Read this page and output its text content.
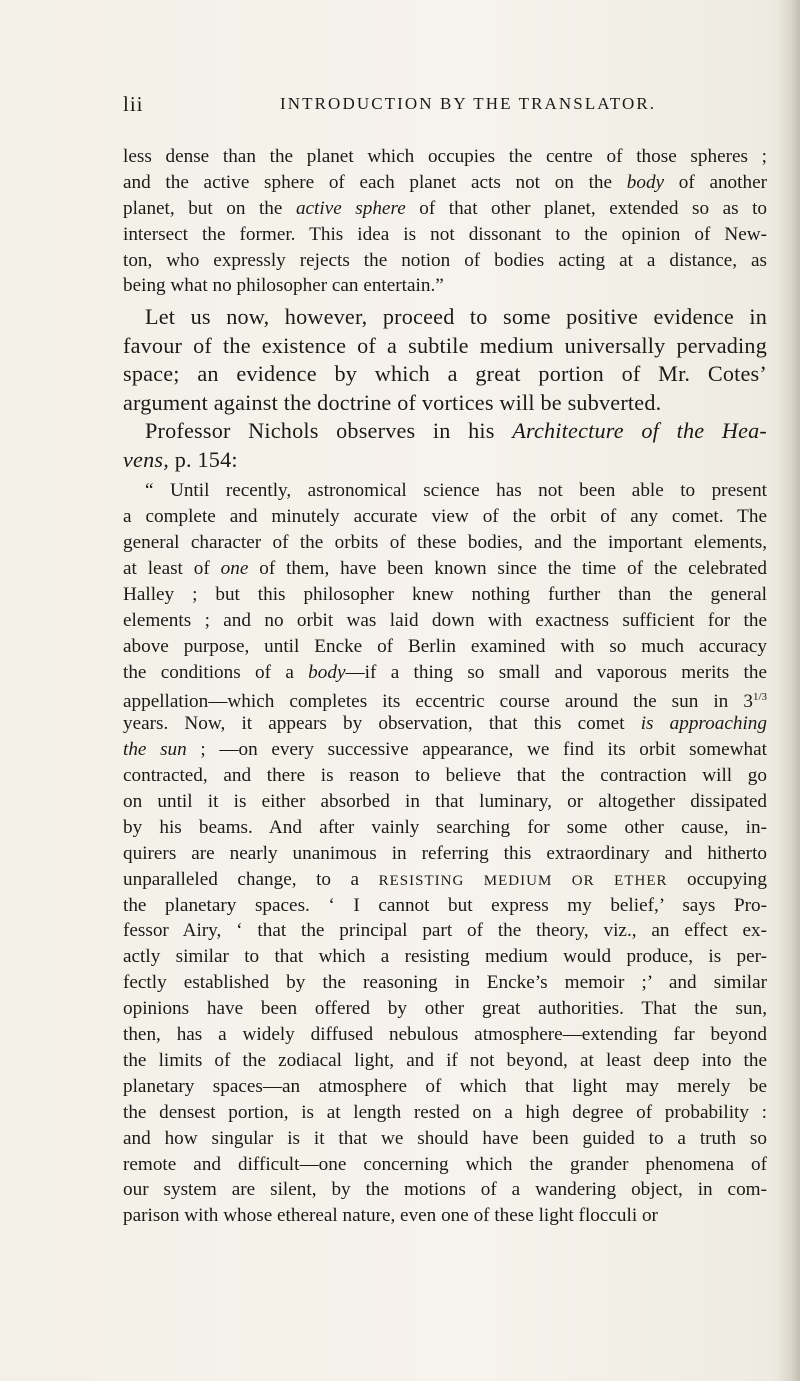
lii	INTRODUCTION BY THE TRANSLATOR.
less dense than the planet which occupies the centre of those spheres ;
and the active sphere of each planet acts not on the body of another
planet, but on the active sphere of that other planet, extended so as to
intersect the former. This idea is not dissonant to the opinion of New-
ton, who expressly rejects the notion of bodies acting at a distance, as
being what no philosopher can entertain.”
Let us now, however, proceed to some positive evidence in
favour of the existence of a subtile medium universally pervading
space; an evidence by which a great portion of Mr. Cotes’
argument against the doctrine of vortices will be subverted.
Professor Nichols observes in his Architecture of the Hea-
vens, p. 154:
“ Until recently, astronomical science has not been able to present
a complete and minutely accurate view of the orbit of any comet. The
general character of the orbits of these bodies, and the important elements,
at least of one of them, have been known since the time of the celebrated
Halley ; but this philosopher knew nothing further than the general
elements ; and no orbit was laid down with exactness sufficient for the
above purpose, until Encke of Berlin examined with so much accuracy
the conditions of a body—if a thing so small and vaporous merits the
appellation—which completes its eccentric course around the sun in $3^{1/3}$
years. Now, it appears by observation, that this comet is approaching
the sun ; —on every successive appearance, we find its orbit somewhat
contracted, and there is reason to believe that the contraction will go
on until it is either absorbed in that luminary, or altogether dissipated
by his beams. And after vainly searching for some other cause, in-
quirers are nearly unanimous in referring this extraordinary and hitherto
unparalleled change, to a RESISTING MEDIUM OR ETHER occupying
the planetary spaces. ‘ I cannot but express my belief,’ says Pro-
fessor Airy, ‘ that the principal part of the theory, viz., an effect ex-
actly similar to that which a resisting medium would produce, is per-
fectly established by the reasoning in Encke’s memoir ;’ and similar
opinions have been offered by other great authorities. That the sun,
then, has a widely diffused nebulous atmosphere—extending far beyond
the limits of the zodiacal light, and if not beyond, at least deep into the
planetary spaces—an atmosphere of which that light may merely be
the densest portion, is at length rested on a high degree of probability :
and how singular is it that we should have been guided to a truth so
remote and difficult—one concerning which the grander phenomena of
our system are silent, by the motions of a wandering object, in com-
parison with whose ethereal nature, even one of these light flocculi or
